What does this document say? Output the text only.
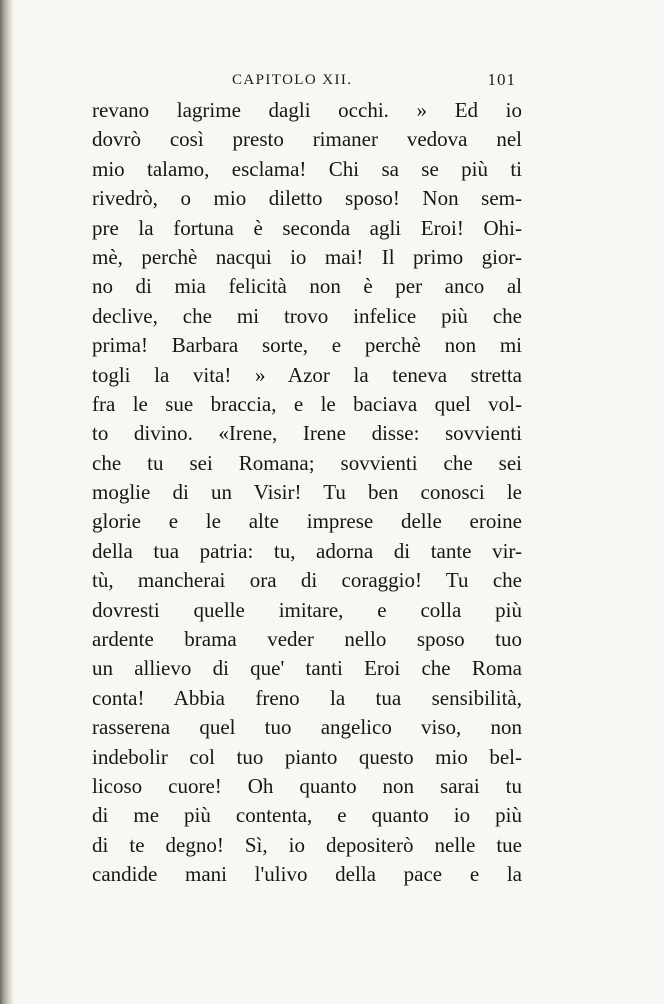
CAPITOLO XII.	101
revano lagrime dagli occhi. » Ed io
dovrò così presto rimaner vedova nel
mio talamo, esclama! Chi sa se più ti
rivedrò, o mio diletto sposo! Non sem-
pre la fortuna è seconda agli Eroi! Ohi-
mè, perchè nacqui io mai! Il primo gior-
no di mia felicità non è per anco al
declive, che mi trovo infelice più che
prima! Barbara sorte, e perchè non mi
togli la vita! » Azor la teneva stretta
fra le sue braccia, e le baciava quel vol-
to divino. «Irene, Irene disse: sovvienti
che tu sei Romana; sovvienti che sei
moglie di un Visir! Tu ben conosci le
glorie e le alte imprese delle eroine
della tua patria: tu, adorna di tante vir-
tù, mancherai ora di coraggio! Tu che
dovresti quelle imitare, e colla più
ardente brama veder nello sposo tuo
un allievo di que' tanti Eroi che Roma
conta! Abbia freno la tua sensibilità,
rasserena quel tuo angelico viso, non
indebolir col tuo pianto questo mio bel-
licoso cuore! Oh quanto non sarai tu
di me più contenta, e quanto io più
di te degno! Sì, io depositerò nelle tue
candide mani l'ulivo della pace e la
